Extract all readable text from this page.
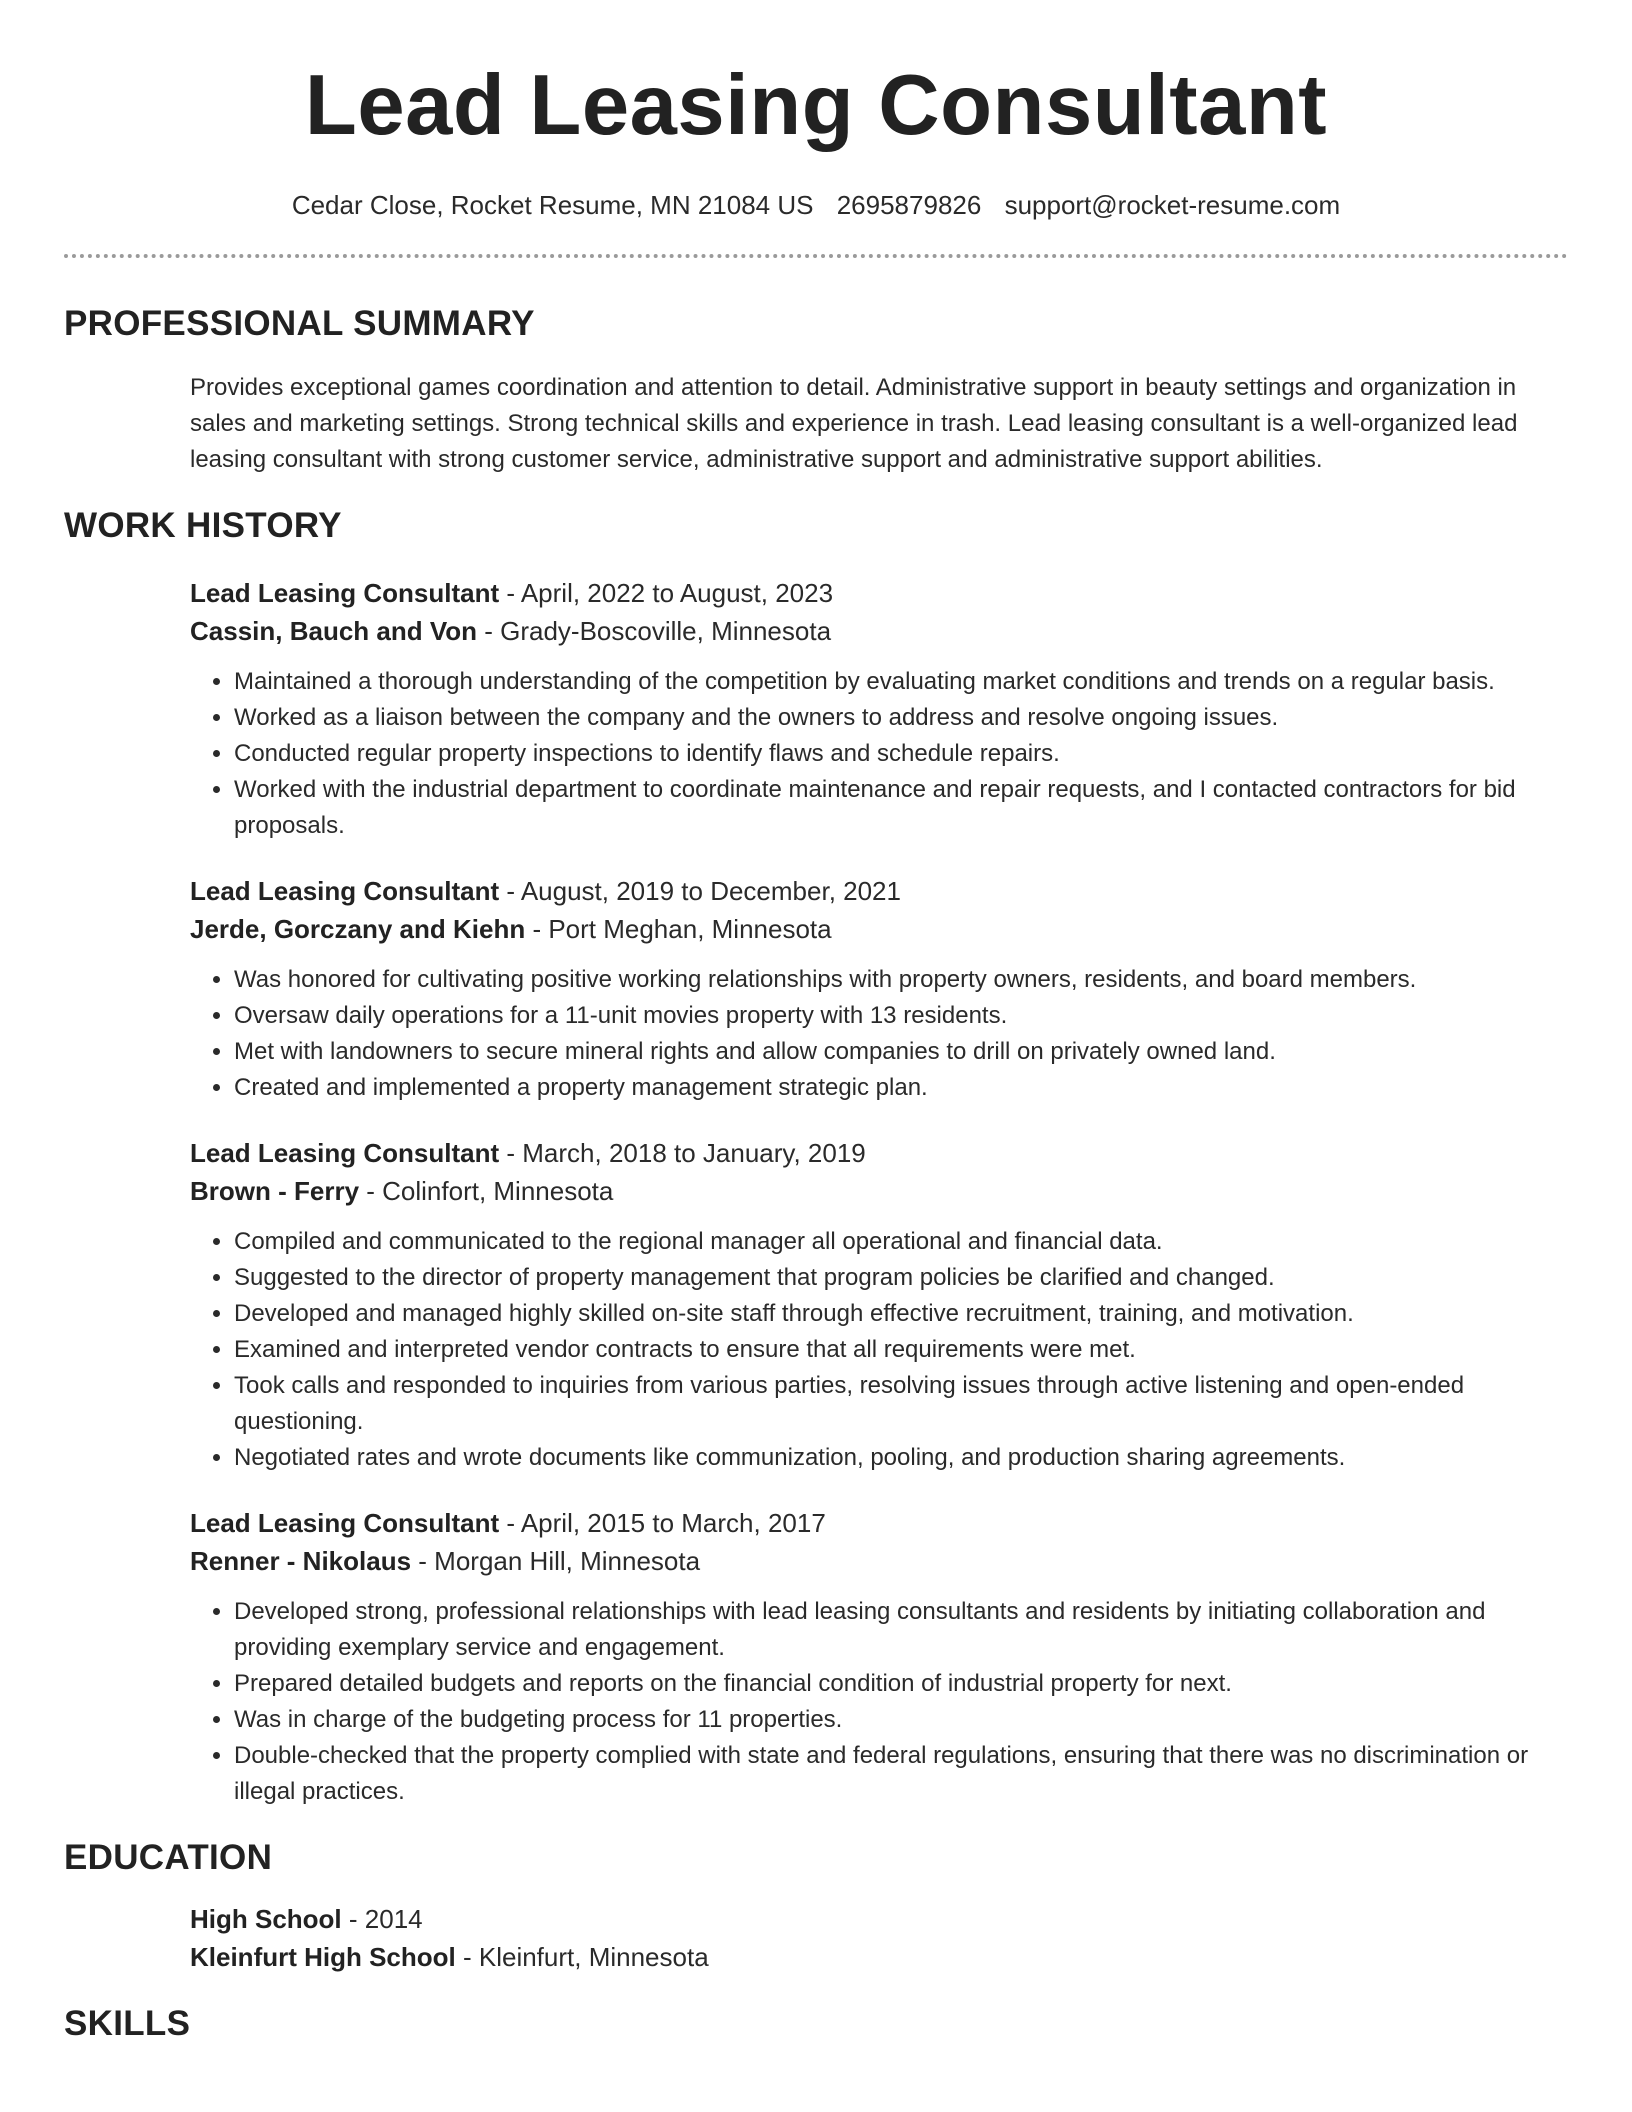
Lead Leasing Consultant
Cedar Close, Rocket Resume, MN 21084 US 2695879826 support@rocket-resume.com
PROFESSIONAL SUMMARY
Provides exceptional games coordination and attention to detail. Administrative support in beauty settings and organization in sales and marketing settings. Strong technical skills and experience in trash. Lead leasing consultant is a well-organized lead leasing consultant with strong customer service, administrative support and administrative support abilities.
WORK HISTORY
Lead Leasing Consultant - April, 2022 to August, 2023
Cassin, Bauch and Von - Grady-Boscoville, Minnesota
• Maintained a thorough understanding of the competition by evaluating market conditions and trends on a regular basis.
• Worked as a liaison between the company and the owners to address and resolve ongoing issues.
• Conducted regular property inspections to identify flaws and schedule repairs.
• Worked with the industrial department to coordinate maintenance and repair requests, and I contacted contractors for bid proposals.
Lead Leasing Consultant - August, 2019 to December, 2021
Jerde, Gorczany and Kiehn - Port Meghan, Minnesota
• Was honored for cultivating positive working relationships with property owners, residents, and board members.
• Oversaw daily operations for a 11-unit movies property with 13 residents.
• Met with landowners to secure mineral rights and allow companies to drill on privately owned land.
• Created and implemented a property management strategic plan.
Lead Leasing Consultant - March, 2018 to January, 2019
Brown - Ferry - Colinfort, Minnesota
• Compiled and communicated to the regional manager all operational and financial data.
• Suggested to the director of property management that program policies be clarified and changed.
• Developed and managed highly skilled on-site staff through effective recruitment, training, and motivation.
• Examined and interpreted vendor contracts to ensure that all requirements were met.
• Took calls and responded to inquiries from various parties, resolving issues through active listening and open-ended questioning.
• Negotiated rates and wrote documents like communization, pooling, and production sharing agreements.
Lead Leasing Consultant - April, 2015 to March, 2017
Renner - Nikolaus - Morgan Hill, Minnesota
• Developed strong, professional relationships with lead leasing consultants and residents by initiating collaboration and providing exemplary service and engagement.
• Prepared detailed budgets and reports on the financial condition of industrial property for next.
• Was in charge of the budgeting process for 11 properties.
• Double-checked that the property complied with state and federal regulations, ensuring that there was no discrimination or illegal practices.
EDUCATION
High School - 2014
Kleinfurt High School - Kleinfurt, Minnesota
SKILLS
